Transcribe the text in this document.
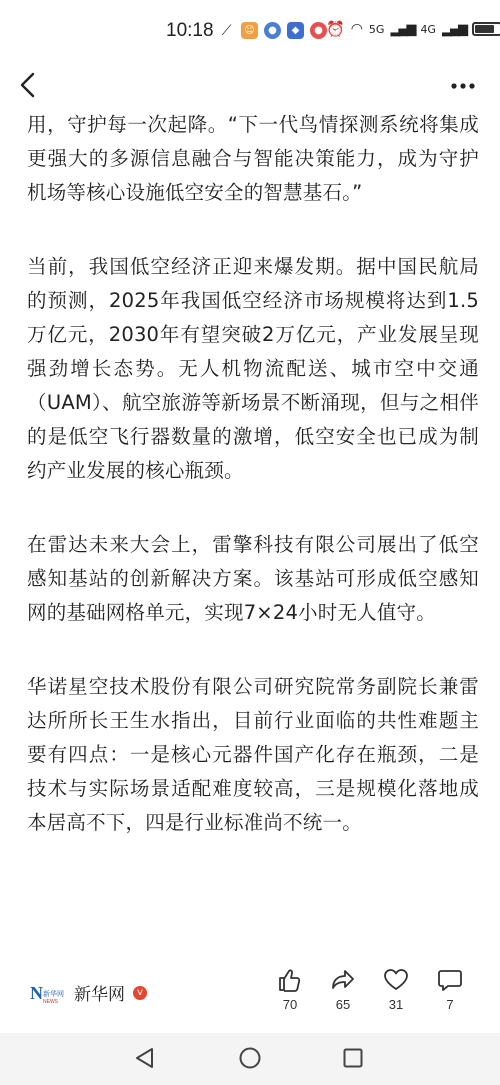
10:18 ⟋	☺	●	◆	● ⏰ ◠ 5G ▂▄▆ 4G ▂▄▆

用，守护每一次起降。“下一代鸟情探测系统将集成更强大的多源信息融合与智能决策能力，成为守护机场等核心设施低空安全的智慧基石。”

当前，我国低空经济正迎来爆发期。据中国民航局的预测，2025年我国低空经济市场规模将达到1.5万亿元，2030年有望突破2万亿元，产业发展呈现强劲增长态势。无人机物流配送、城市空中交通（UAM）、航空旅游等新场景不断涌现，但与之相伴的是低空飞行器数量的激增，低空安全也已成为制约产业发展的核心瓶颈。

在雷达未来大会上，雷擎科技有限公司展出了低空感知基站的创新解决方案。该基站可形成低空感知网的基础网格单元，实现7×24小时无人值守。

华诺星空技术股份有限公司研究院常务副院长兼雷达所所长王生水指出，目前行业面临的共性难题主要有四点：一是核心元器件国产化存在瓶颈，二是技术与实际场景适配难度较高，三是规模化落地成本居高不下，四是行业标准尚不统一。

N 新华网
NEWS 新华网	v
70	65	31	7
